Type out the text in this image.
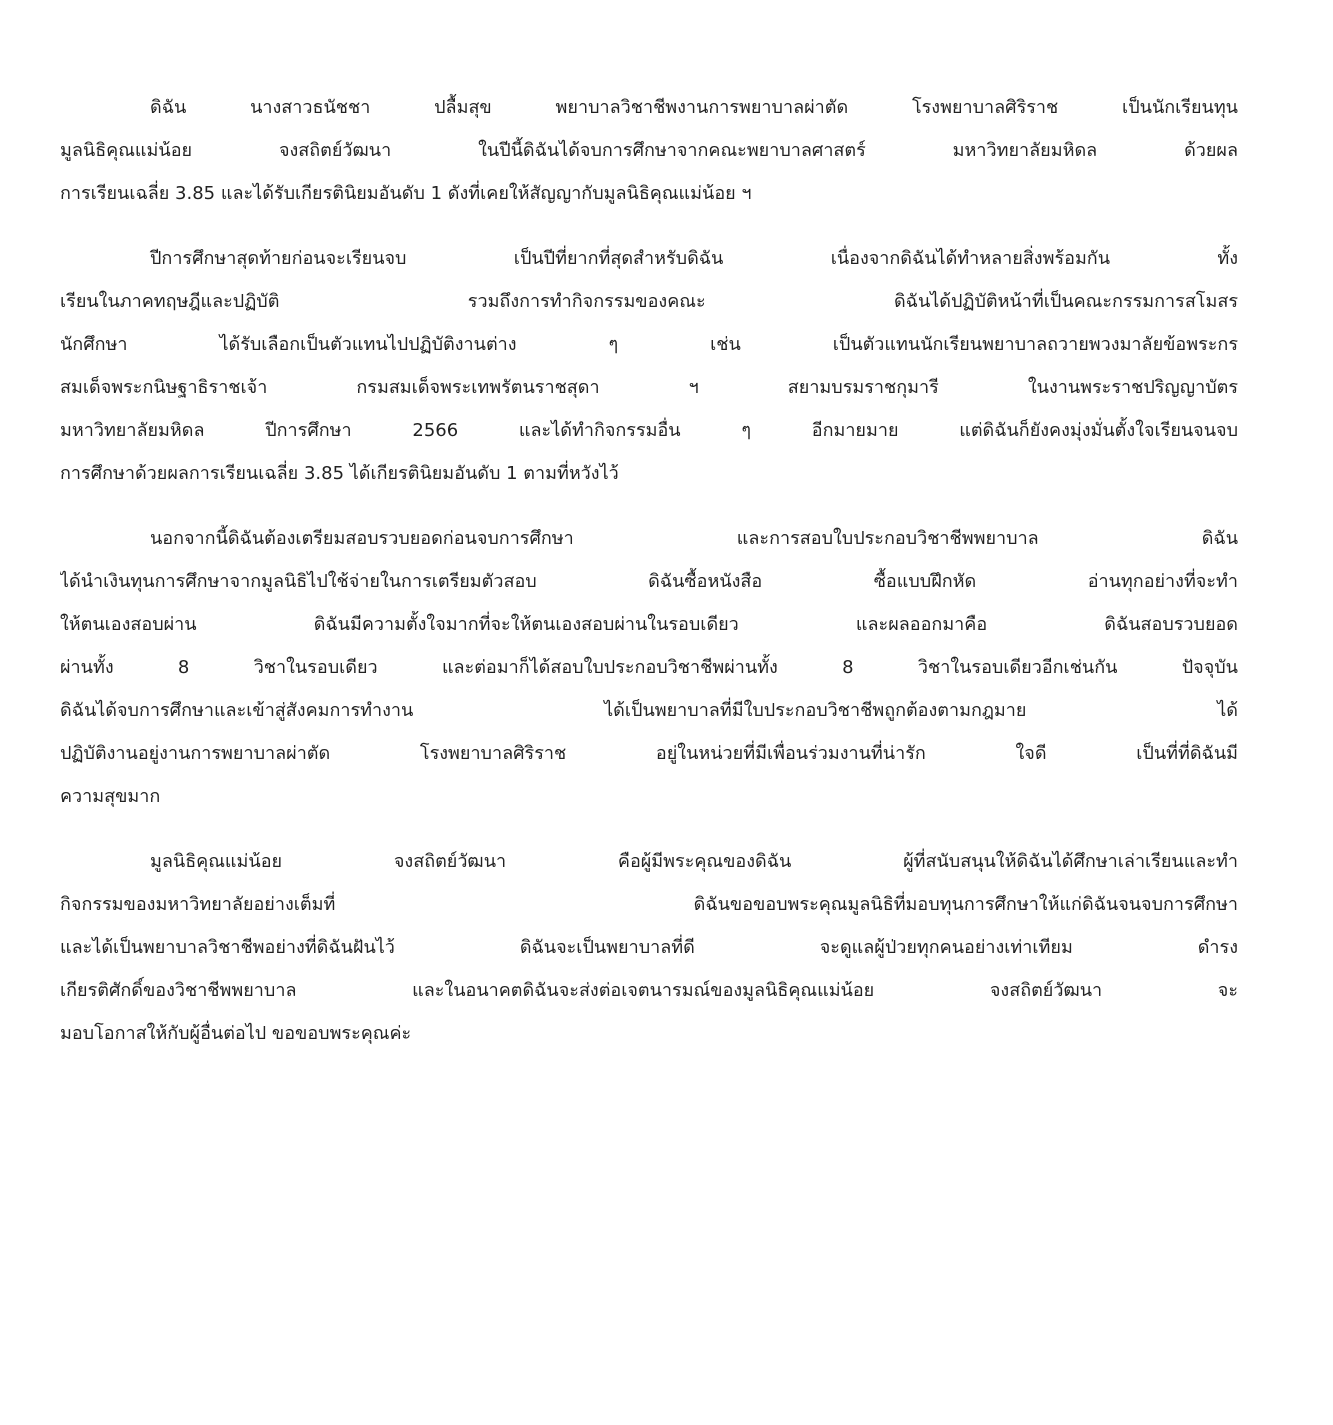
ดิฉัน นางสาวธนัชชา ปลื้มสุข พยาบาลวิชาชีพงานการพยาบาลผ่าตัด โรงพยาบาลศิริราช เป็นนักเรียนทุน
มูลนิธิคุณแม่น้อย จงสถิตย์วัฒนา ในปีนี้ดิฉันได้จบการศึกษาจากคณะพยาบาลศาสตร์ มหาวิทยาลัยมหิดล ด้วยผล
การเรียนเฉลี่ย 3.85 และได้รับเกียรตินิยมอันดับ 1 ดังที่เคยให้สัญญากับมูลนิธิคุณแม่น้อย ฯ
ปีการศึกษาสุดท้ายก่อนจะเรียนจบ เป็นปีที่ยากที่สุดสำหรับดิฉัน เนื่องจากดิฉันได้ทำหลายสิ่งพร้อมกัน ทั้ง
เรียนในภาคทฤษฎีและปฏิบัติ รวมถึงการทำกิจกรรมของคณะ ดิฉันได้ปฏิบัติหน้าที่เป็นคณะกรรมการสโมสร
นักศึกษา ได้รับเลือกเป็นตัวแทนไปปฏิบัติงานต่าง ๆ เช่น เป็นตัวแทนนักเรียนพยาบาลถวายพวงมาลัยข้อพระกร
สมเด็จพระกนิษฐาธิราชเจ้า กรมสมเด็จพระเทพรัตนราชสุดา ฯ สยามบรมราชกุมารี ในงานพระราชปริญญาบัตร
มหาวิทยาลัยมหิดล ปีการศึกษา 2566 และได้ทำกิจกรรมอื่น ๆ อีกมายมาย แต่ดิฉันก็ยังคงมุ่งมั่นตั้งใจเรียนจนจบ
การศึกษาด้วยผลการเรียนเฉลี่ย 3.85 ได้เกียรตินิยมอันดับ 1 ตามที่หวังไว้
นอกจากนี้ดิฉันต้องเตรียมสอบรวบยอดก่อนจบการศึกษา และการสอบใบประกอบวิชาชีพพยาบาล ดิฉัน
ได้นำเงินทุนการศึกษาจากมูลนิธิไปใช้จ่ายในการเตรียมตัวสอบ ดิฉันซื้อหนังสือ ซื้อแบบฝึกหัด อ่านทุกอย่างที่จะทำ
ให้ตนเองสอบผ่าน ดิฉันมีความตั้งใจมากที่จะให้ตนเองสอบผ่านในรอบเดียว และผลออกมาคือ ดิฉันสอบรวบยอด
ผ่านทั้ง 8 วิชาในรอบเดียว และต่อมาก็ได้สอบใบประกอบวิชาชีพผ่านทั้ง 8 วิชาในรอบเดียวอีกเช่นกัน ปัจจุบัน
ดิฉันได้จบการศึกษาและเข้าสู่สังคมการทำงาน ได้เป็นพยาบาลที่มีใบประกอบวิชาชีพถูกต้องตามกฎมาย ได้
ปฏิบัติงานอยู่งานการพยาบาลผ่าตัด โรงพยาบาลศิริราช อยู่ในหน่วยที่มีเพื่อนร่วมงานที่น่ารัก ใจดี เป็นที่ที่ดิฉันมี
ความสุขมาก
มูลนิธิคุณแม่น้อย จงสถิตย์วัฒนา คือผู้มีพระคุณของดิฉัน ผู้ที่สนับสนุนให้ดิฉันได้ศึกษาเล่าเรียนและทำ
กิจกรรมของมหาวิทยาลัยอย่างเต็มที่ ดิฉันขอขอบพระคุณมูลนิธิที่มอบทุนการศึกษาให้แก่ดิฉันจนจบการศึกษา
และได้เป็นพยาบาลวิชาชีพอย่างที่ดิฉันฝันไว้ ดิฉันจะเป็นพยาบาลที่ดี จะดูแลผู้ป่วยทุกคนอย่างเท่าเทียม ดำรง
เกียรติศักดิ์ของวิชาชีพพยาบาล และในอนาคตดิฉันจะส่งต่อเจตนารมณ์ของมูลนิธิคุณแม่น้อย จงสถิตย์วัฒนา จะ
มอบโอกาสให้กับผู้อื่นต่อไป ขอขอบพระคุณค่ะ
